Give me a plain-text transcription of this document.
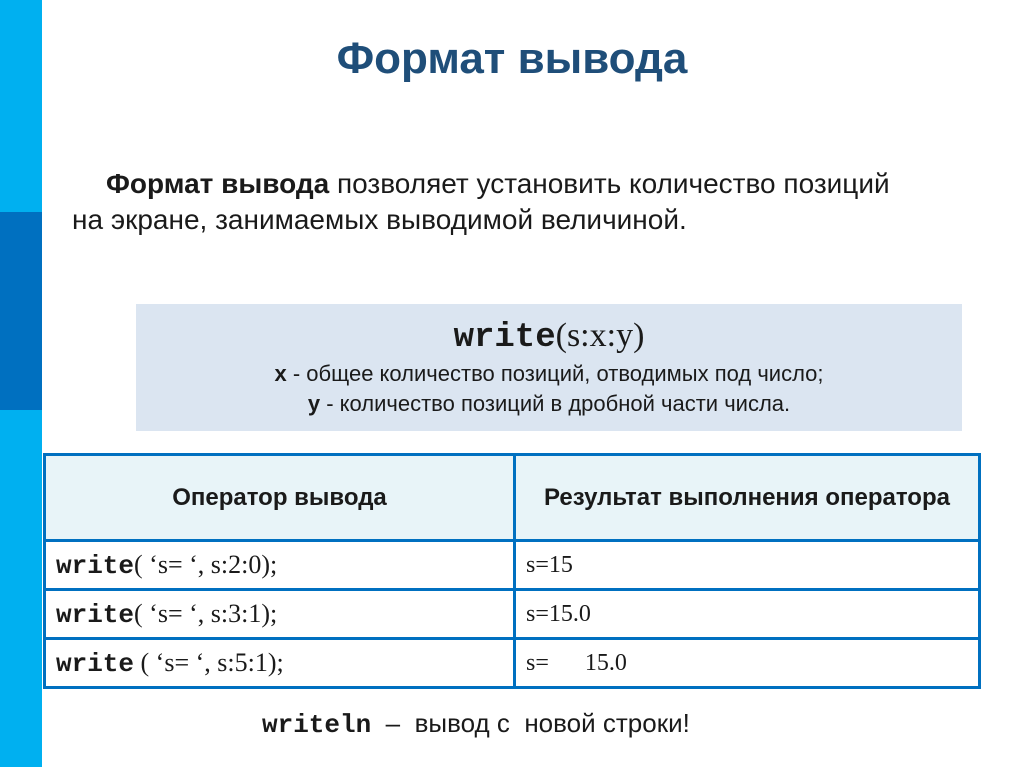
Формат вывода
Формат вывода позволяет установить количество позиций
на экране, занимаемых выводимой величиной.
write(s:x:y)
x - общее количество позиций, отводимых под число;
y - количество позиций в дробной части числа.
Оператор вывода	Результат выполнения оператора
write( ‘s= ‘, s:2:0);	s=15
write( ‘s= ‘, s:3:1);	s=15.0
write ( ‘s= ‘, s:5:1);	s=      15.0
writeln  –  вывод с  новой строки!
